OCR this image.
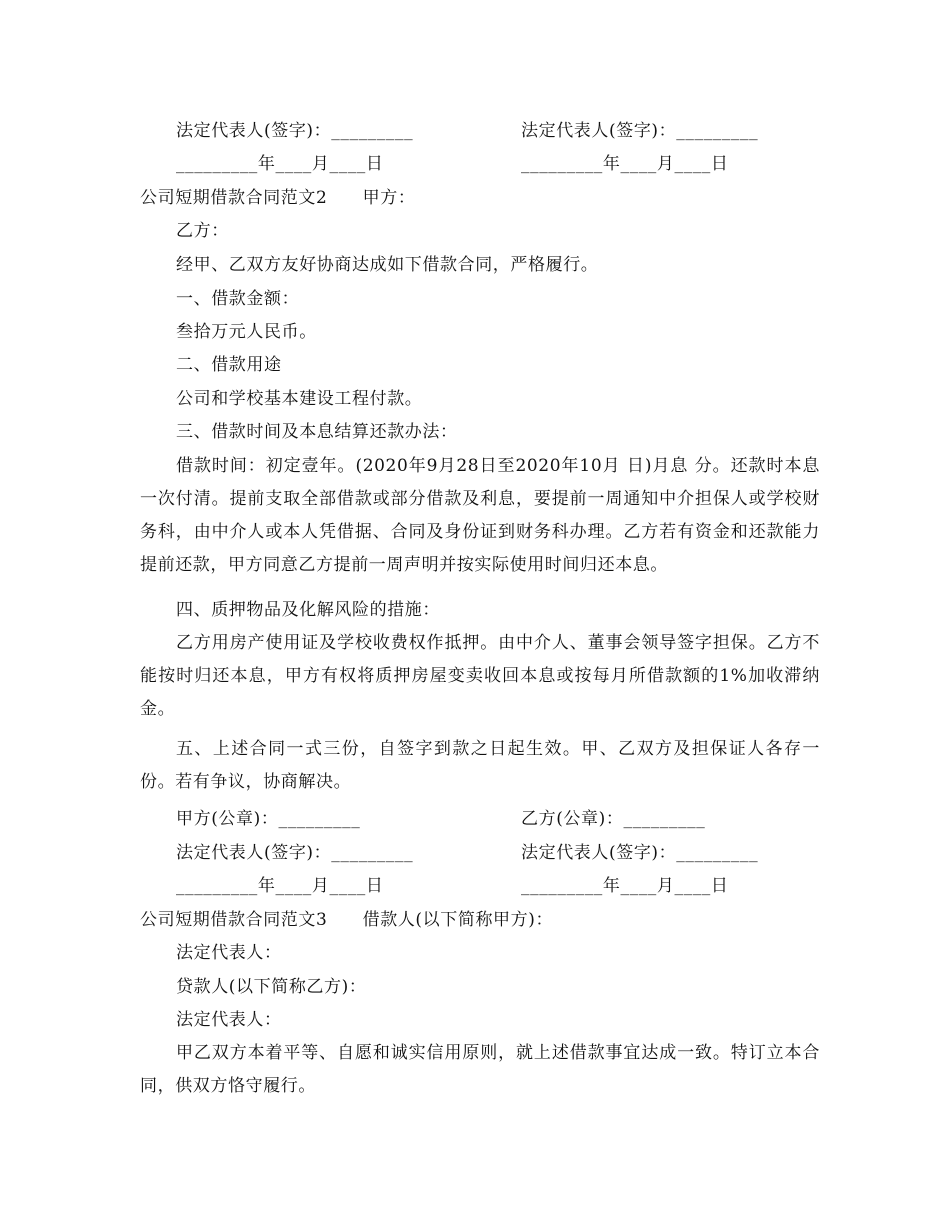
法定代表人(签字)：_________	法定代表人(签字)：_________
_________年____月____日	_________年____月____日
公司短期借款合同范文2　　甲方：
乙方：
经甲、乙双方友好协商达成如下借款合同，严格履行。
一、借款金额：
叁拾万元人民币。
二、借款用途
公司和学校基本建设工程付款。
三、借款时间及本息结算还款办法：
借款时间：初定壹年。(2020年9月28日至2020年10月 日)月息 分。还款时本息一次付清。提前支取全部借款或部分借款及利息，要提前一周通知中介担保人或学校财务科，由中介人或本人凭借据、合同及身份证到财务科办理。乙方若有资金和还款能力提前还款，甲方同意乙方提前一周声明并按实际使用时间归还本息。
四、质押物品及化解风险的措施：
乙方用房产使用证及学校收费权作抵押。由中介人、董事会领导签字担保。乙方不能按时归还本息，甲方有权将质押房屋变卖收回本息或按每月所借款额的1%加收滞纳金。
五、上述合同一式三份，自签字到款之日起生效。甲、乙双方及担保证人各存一份。若有争议，协商解决。
甲方(公章)：_________	乙方(公章)：_________
法定代表人(签字)：_________	法定代表人(签字)：_________
_________年____月____日	_________年____月____日
公司短期借款合同范文3　　借款人(以下简称甲方)：
法定代表人：
贷款人(以下简称乙方)：
法定代表人：
甲乙双方本着平等、自愿和诚实信用原则，就上述借款事宜达成一致。特订立本合同，供双方恪守履行。
